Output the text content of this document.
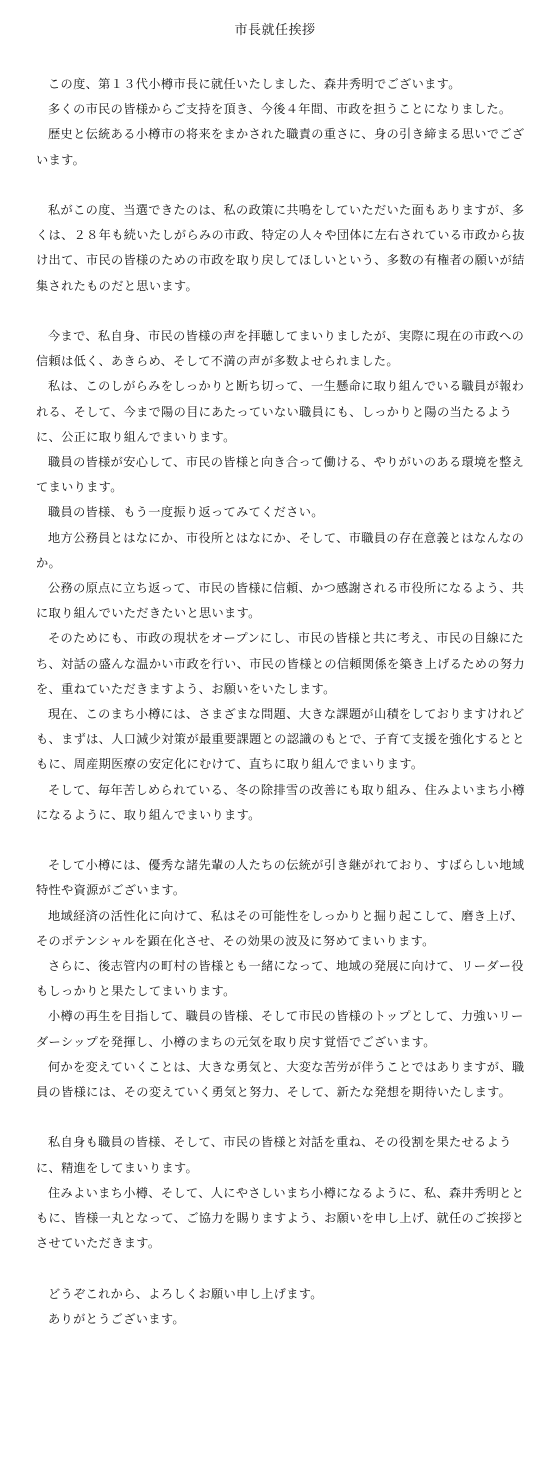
市長就任挨拶

この度、第１３代小樽市長に就任いたしました、森井秀明でございます。

多くの市民の皆様からご支持を頂き、今後４年間、市政を担うことになりました。

歴史と伝統ある小樽市の将来をまかされた職責の重さに、身の引き締まる思いでございます。

私がこの度、当選できたのは、私の政策に共鳴をしていただいた面もありますが、多くは、２８年も続いたしがらみの市政、特定の人々や団体に左右されている市政から抜け出て、市民の皆様のための市政を取り戻してほしいという、多数の有権者の願いが結集されたものだと思います。

今まで、私自身、市民の皆様の声を拝聴してまいりましたが、実際に現在の市政への信頼は低く、あきらめ、そして不満の声が多数よせられました。

私は、このしがらみをしっかりと断ち切って、一生懸命に取り組んでいる職員が報われる、そして、今まで陽の目にあたっていない職員にも、しっかりと陽の当たるように、公正に取り組んでまいります。

職員の皆様が安心して、市民の皆様と向き合って働ける、やりがいのある環境を整えてまいります。

職員の皆様、もう一度振り返ってみてください。

地方公務員とはなにか、市役所とはなにか、そして、市職員の存在意義とはなんなのか。

公務の原点に立ち返って、市民の皆様に信頼、かつ感謝される市役所になるよう、共に取り組んでいただきたいと思います。

そのためにも、市政の現状をオープンにし、市民の皆様と共に考え、市民の目線にたち、対話の盛んな温かい市政を行い、市民の皆様との信頼関係を築き上げるための努力を、重ねていただきますよう、お願いをいたします。

現在、このまち小樽には、さまざまな問題、大きな課題が山積をしておりますけれども、まずは、人口減少対策が最重要課題との認識のもとで、子育て支援を強化するとともに、周産期医療の安定化にむけて、直ちに取り組んでまいります。

そして、毎年苦しめられている、冬の除排雪の改善にも取り組み、住みよいまち小樽になるように、取り組んでまいります。

そして小樽には、優秀な諸先輩の人たちの伝統が引き継がれており、すばらしい地域特性や資源がございます。

地域経済の活性化に向けて、私はその可能性をしっかりと掘り起こして、磨き上げ、そのポテンシャルを顕在化させ、その効果の波及に努めてまいります。

さらに、後志管内の町村の皆様とも一緒になって、地域の発展に向けて、リーダー役もしっかりと果たしてまいります。

小樽の再生を目指して、職員の皆様、そして市民の皆様のトップとして、力強いリーダーシップを発揮し、小樽のまちの元気を取り戻す覚悟でございます。

何かを変えていくことは、大きな勇気と、大変な苦労が伴うことではありますが、職員の皆様には、その変えていく勇気と努力、そして、新たな発想を期待いたします。

私自身も職員の皆様、そして、市民の皆様と対話を重ね、その役割を果たせるように、精進をしてまいります。

住みよいまち小樽、そして、人にやさしいまち小樽になるように、私、森井秀明とともに、皆様一丸となって、ご協力を賜りますよう、お願いを申し上げ、就任のご挨拶とさせていただきます。

どうぞこれから、よろしくお願い申し上げます。

ありがとうございます。
